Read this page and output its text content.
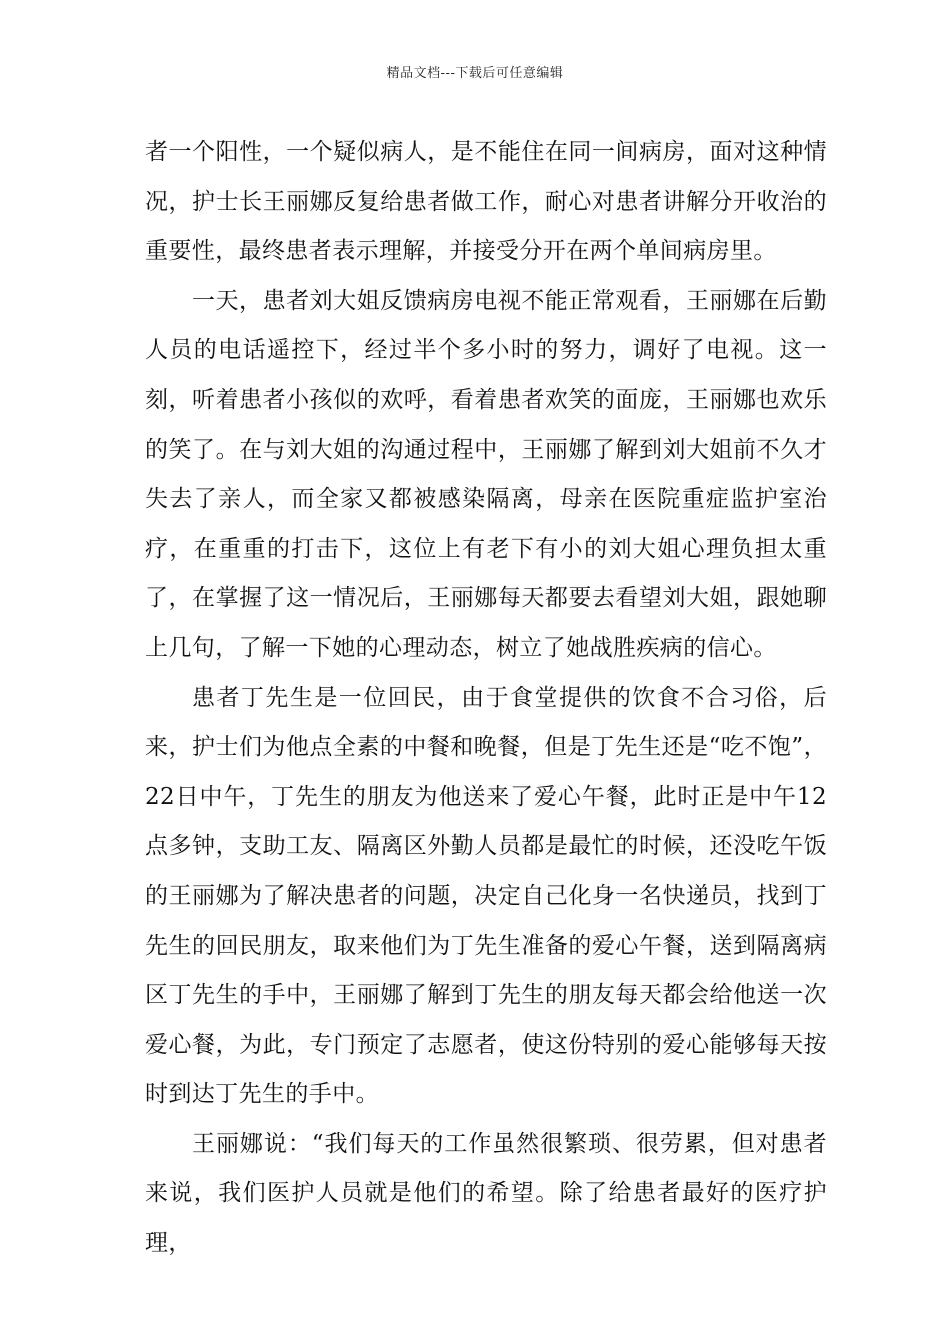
精品文档---下载后可任意编辑

者一个阳性，一个疑似病人，是不能住在同一间病房，面对这种情况，护士长王丽娜反复给患者做工作，耐心对患者讲解分开收治的重要性，最终患者表示理解，并接受分开在两个单间病房里。

一天，患者刘大姐反馈病房电视不能正常观看，王丽娜在后勤人员的电话遥控下，经过半个多小时的努力，调好了电视。这一刻，听着患者小孩似的欢呼，看着患者欢笑的面庞，王丽娜也欢乐的笑了。在与刘大姐的沟通过程中，王丽娜了解到刘大姐前不久才失去了亲人，而全家又都被感染隔离，母亲在医院重症监护室治疗，在重重的打击下，这位上有老下有小的刘大姐心理负担太重了，在掌握了这一情况后，王丽娜每天都要去看望刘大姐，跟她聊上几句，了解一下她的心理动态，树立了她战胜疾病的信心。

患者丁先生是一位回民，由于食堂提供的饮食不合习俗，后来，护士们为他点全素的中餐和晚餐，但是丁先生还是“吃不饱”，22日中午，丁先生的朋友为他送来了爱心午餐，此时正是中午12点多钟，支助工友、隔离区外勤人员都是最忙的时候，还没吃午饭的王丽娜为了解决患者的问题，决定自己化身一名快递员，找到丁先生的回民朋友，取来他们为丁先生准备的爱心午餐，送到隔离病区丁先生的手中，王丽娜了解到丁先生的朋友每天都会给他送一次爱心餐，为此，专门预定了志愿者，使这份特别的爱心能够每天按时到达丁先生的手中。

王丽娜说：“我们每天的工作虽然很繁琐、很劳累，但对患者来说，我们医护人员就是他们的希望。除了给患者最好的医疗护理，
